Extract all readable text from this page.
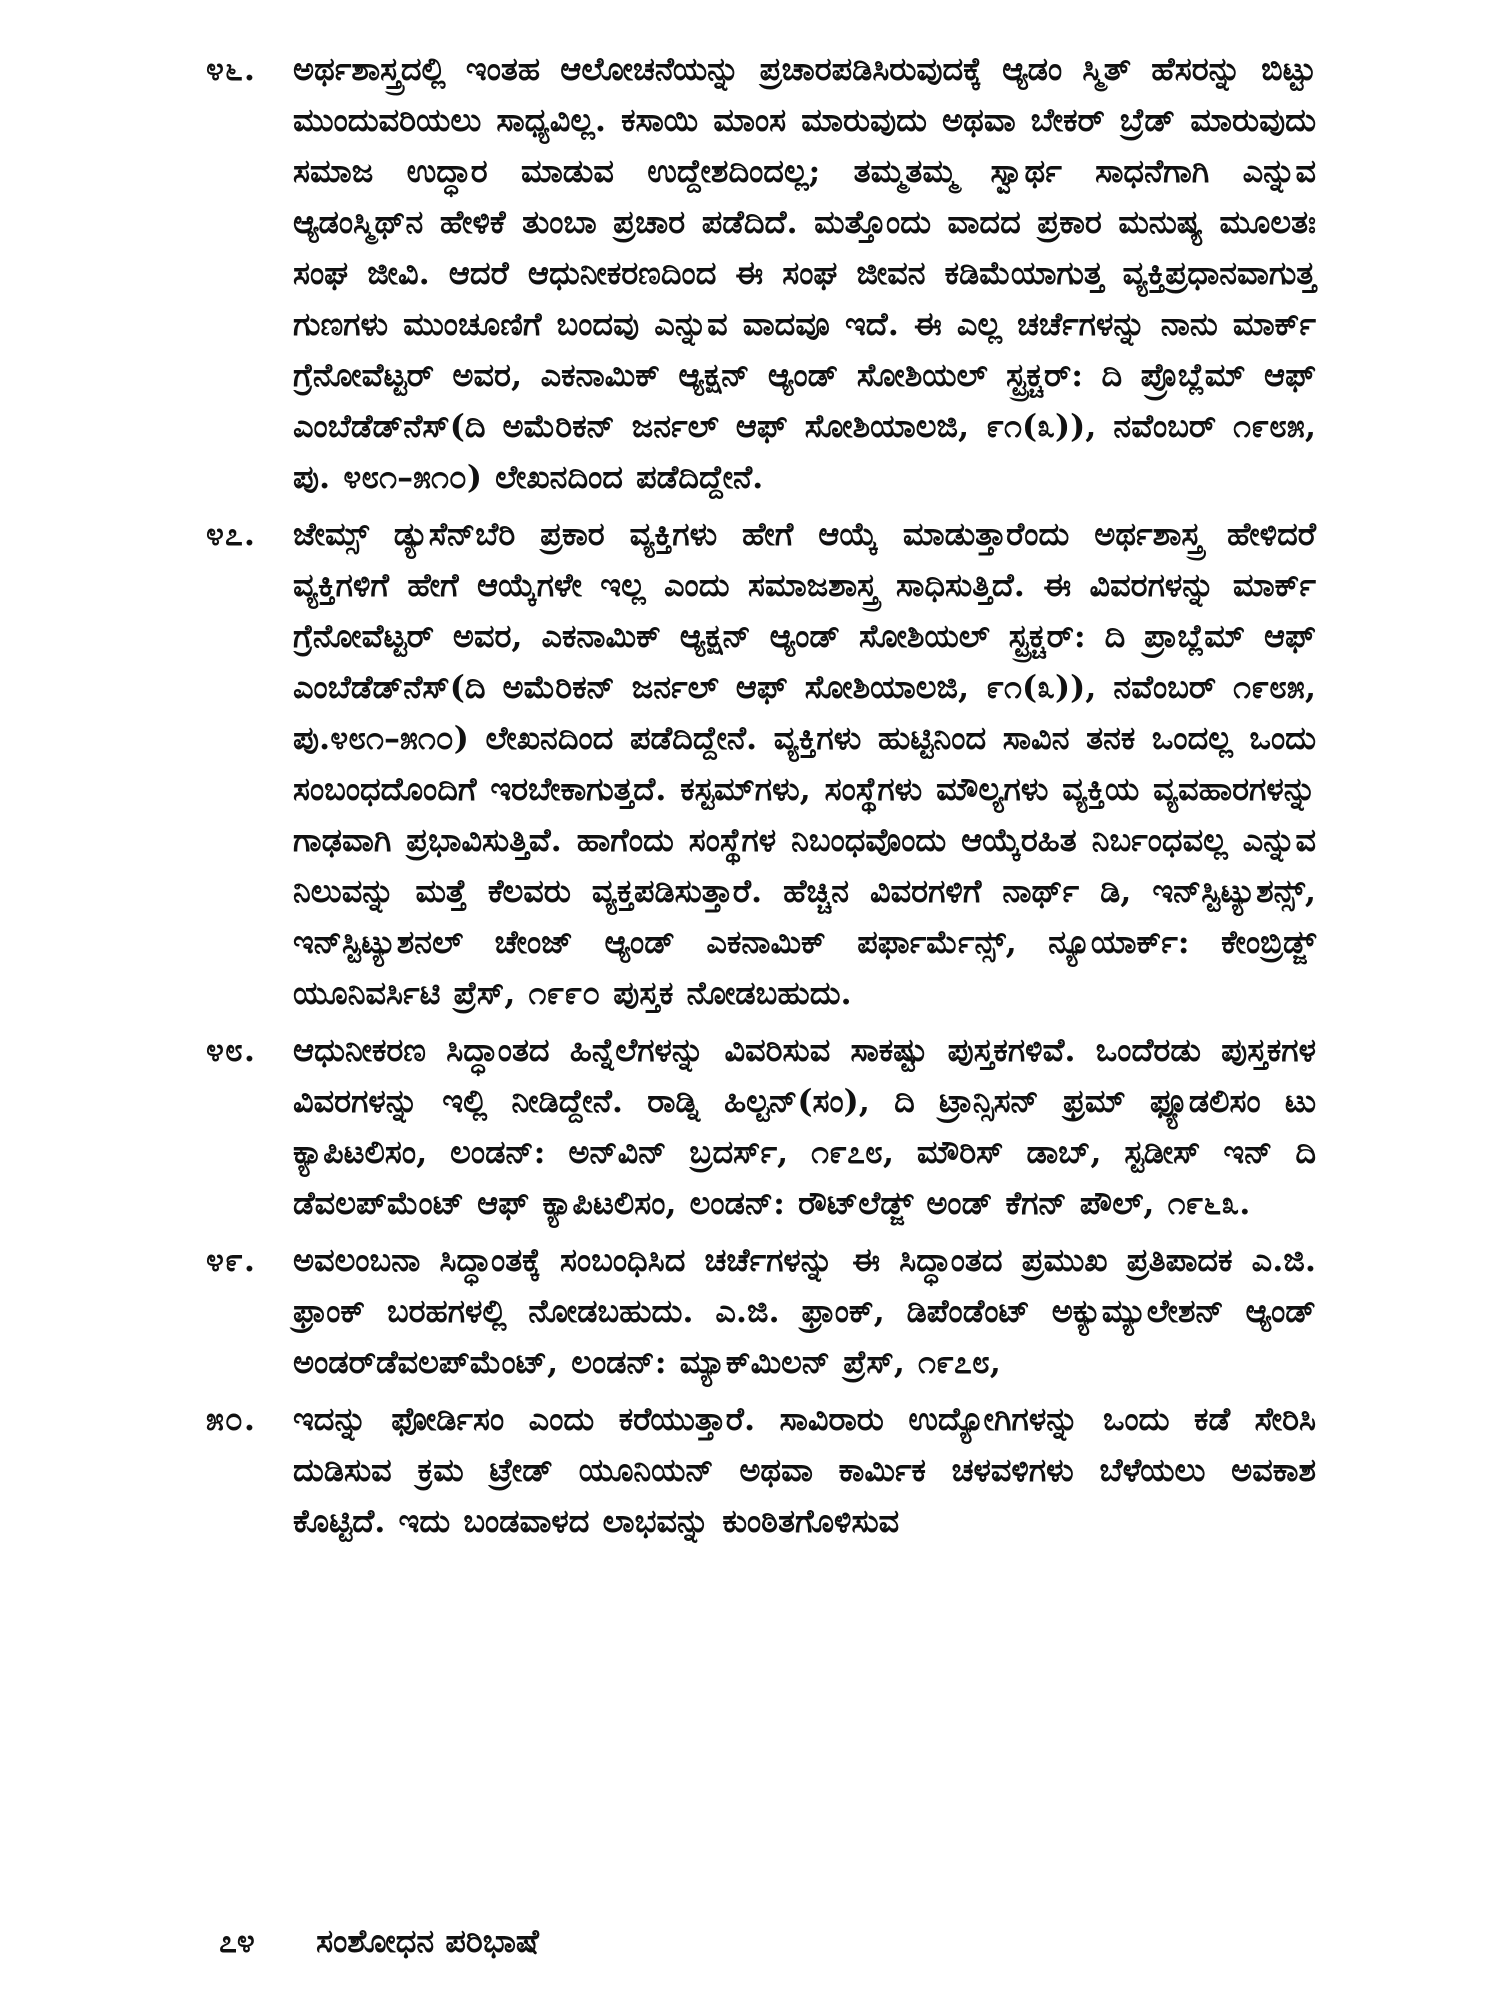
೪೬.	ಅರ್ಥಶಾಸ್ತ್ರದಲ್ಲಿ ಇಂತಹ ಆಲೋಚನೆಯನ್ನು ಪ್ರಚಾರಪಡಿಸಿರುವುದಕ್ಕೆ ಆ್ಯಡಂ ಸ್ಮಿತ್ ಹೆಸರನ್ನು ಬಿಟ್ಟು ಮುಂದುವರಿಯಲು ಸಾಧ್ಯವಿಲ್ಲ. ಕಸಾಯಿ ಮಾಂಸ ಮಾರುವುದು ಅಥವಾ ಬೇಕರ್ ಬ್ರೆಡ್ ಮಾರುವುದು ಸಮಾಜ ಉದ್ಧಾರ ಮಾಡುವ ಉದ್ದೇಶದಿಂದಲ್ಲ; ತಮ್ಮತಮ್ಮ ಸ್ವಾರ್ಥ ಸಾಧನೆಗಾಗಿ ಎನ್ನುವ ಆ್ಯಡಂಸ್ಮಿಥ್‌ನ ಹೇಳಿಕೆ ತುಂಬಾ ಪ್ರಚಾರ ಪಡೆದಿದೆ. ಮತ್ತೊಂದು ವಾದದ ಪ್ರಕಾರ ಮನುಷ್ಯ ಮೂಲತಃ ಸಂಘ ಜೀವಿ. ಆದರೆ ಆಧುನೀಕರಣದಿಂದ ಈ ಸಂಘ ಜೀವನ ಕಡಿಮೆಯಾಗುತ್ತ ವ್ಯಕ್ತಿಪ್ರಧಾನವಾಗುತ್ತ ಗುಣಗಳು ಮುಂಚೂಣಿಗೆ ಬಂದವು ಎನ್ನುವ ವಾದವೂ ಇದೆ. ಈ ಎಲ್ಲ ಚರ್ಚೆಗಳನ್ನು ನಾನು ಮಾರ್ಕ್ ಗ್ರೆನೋವೆಟ್ಟರ್ ಅವರ, ಎಕನಾಮಿಕ್ ಆ್ಯಕ್ಷನ್ ಆ್ಯಂಡ್ ಸೋಶಿಯಲ್ ಸ್ಟ್ರಕ್ಚರ್: ದಿ ಪ್ರೊಬ್ಲೆಮ್ ಆಫ್ ಎಂಬೆಡೆಡ್‌ನೆಸ್(ದಿ ಅಮೆರಿಕನ್ ಜರ್ನಲ್ ಆಫ್ ಸೋಶಿಯಾಲಜಿ, ೯೧(೩)), ನವೆಂಬರ್ ೧೯೮೫, ಪು. ೪೮೧–೫೧೦) ಲೇಖನದಿಂದ ಪಡೆದಿದ್ದೇನೆ.

೪೭.	ಜೇಮ್ಸ್ ಡ್ಯುಸೆನ್‌ಬೆರಿ ಪ್ರಕಾರ ವ್ಯಕ್ತಿಗಳು ಹೇಗೆ ಆಯ್ಕೆ ಮಾಡುತ್ತಾರೆಂದು ಅರ್ಥಶಾಸ್ತ್ರ ಹೇಳಿದರೆ ವ್ಯಕ್ತಿಗಳಿಗೆ ಹೇಗೆ ಆಯ್ಕೆಗಳೇ ಇಲ್ಲ ಎಂದು ಸಮಾಜಶಾಸ್ತ್ರ ಸಾಧಿಸುತ್ತಿದೆ. ಈ ವಿವರಗಳನ್ನು ಮಾರ್ಕ್ ಗ್ರೆನೋವೆಟ್ಟರ್ ಅವರ, ಎಕನಾಮಿಕ್ ಆ್ಯಕ್ಷನ್ ಆ್ಯಂಡ್ ಸೋಶಿಯಲ್ ಸ್ಟ್ರಕ್ಚರ್: ದಿ ಪ್ರಾಬ್ಲೆಮ್ ಆಫ್ ಎಂಬೆಡೆಡ್‌ನೆಸ್(ದಿ ಅಮೆರಿಕನ್ ಜರ್ನಲ್ ಆಫ್ ಸೋಶಿಯಾಲಜಿ, ೯೧(೩)), ನವೆಂಬರ್ ೧೯೮೫, ಪು.೪೮೧–೫೧೦) ಲೇಖನದಿಂದ ಪಡೆದಿದ್ದೇನೆ. ವ್ಯಕ್ತಿಗಳು ಹುಟ್ಟಿನಿಂದ ಸಾವಿನ ತನಕ ಒಂದಲ್ಲ ಒಂದು ಸಂಬಂಧದೊಂದಿಗೆ ಇರಬೇಕಾಗುತ್ತದೆ. ಕಸ್ಟಮ್‌ಗಳು, ಸಂಸ್ಥೆಗಳು ಮೌಲ್ಯಗಳು ವ್ಯಕ್ತಿಯ ವ್ಯವಹಾರಗಳನ್ನು ಗಾಢವಾಗಿ ಪ್ರಭಾವಿಸುತ್ತಿವೆ. ಹಾಗೆಂದು ಸಂಸ್ಥೆಗಳ ನಿಬಂಧವೊಂದು ಆಯ್ಕೆರಹಿತ ನಿರ್ಬಂಧವಲ್ಲ ಎನ್ನುವ ನಿಲುವನ್ನು ಮತ್ತೆ ಕೆಲವರು ವ್ಯಕ್ತಪಡಿಸುತ್ತಾರೆ. ಹೆಚ್ಚಿನ ವಿವರಗಳಿಗೆ ನಾರ್ಥ್ ಡಿ, ಇನ್‌ಸ್ಟಿಟ್ಯುಶನ್ಸ್, ಇನ್‌ಸ್ಟಿಟ್ಯುಶನಲ್ ಚೇಂಜ್ ಆ್ಯಂಡ್ ಎಕನಾಮಿಕ್ ಪರ್ಫಾರ್ಮೆನ್ಸ್, ನ್ಯೂಯಾರ್ಕ್: ಕೇಂಬ್ರಿಡ್ಜ್ ಯೂನಿವರ್ಸಿಟಿ ಪ್ರೆಸ್, ೧೯೯೦ ಪುಸ್ತಕ ನೋಡಬಹುದು.

೪೮.	ಆಧುನೀಕರಣ ಸಿದ್ಧಾಂತದ ಹಿನ್ನೆಲೆಗಳನ್ನು ವಿವರಿಸುವ ಸಾಕಷ್ಟು ಪುಸ್ತಕಗಳಿವೆ. ಒಂದೆರಡು ಪುಸ್ತಕಗಳ ವಿವರಗಳನ್ನು ಇಲ್ಲಿ ನೀಡಿದ್ದೇನೆ. ರಾಡ್ನಿ ಹಿಲ್ಟನ್(ಸಂ), ದಿ ಟ್ರಾನ್ಸಿಸನ್ ಫ್ರಮ್ ಫ್ಯೂಡಲಿಸಂ ಟು ಕ್ಯಾಪಿಟಲಿಸಂ, ಲಂಡನ್: ಅನ್‌ವಿನ್ ಬ್ರದರ್ಸ್, ೧೯೭೮, ಮೌರಿಸ್ ಡಾಬ್, ಸ್ಟಡೀಸ್ ಇನ್ ದಿ ಡೆವಲಪ್‌ಮೆಂಟ್ ಆಫ್ ಕ್ಯಾಪಿಟಲಿಸಂ, ಲಂಡನ್: ರೌಟ್‌ಲೆಡ್ಜ್ ಅಂಡ್ ಕೆಗನ್ ಪೌಲ್, ೧೯೬೩.

೪೯.	ಅವಲಂಬನಾ ಸಿದ್ಧಾಂತಕ್ಕೆ ಸಂಬಂಧಿಸಿದ ಚರ್ಚೆಗಳನ್ನು ಈ ಸಿದ್ಧಾಂತದ ಪ್ರಮುಖ ಪ್ರತಿಪಾದಕ ಎ.ಜಿ. ಫ್ರಾಂಕ್ ಬರಹಗಳಲ್ಲಿ ನೋಡಬಹುದು. ಎ.ಜಿ. ಫ್ರಾಂಕ್, ಡಿಪೆಂಡೆಂಟ್ ಅಕ್ಯುಮ್ಯುಲೇಶನ್ ಆ್ಯಂಡ್ ಅಂಡರ್‌ಡೆವಲಪ್‌ಮೆಂಟ್, ಲಂಡನ್: ಮ್ಯಾಕ್‌ಮಿಲನ್ ಪ್ರೆಸ್, ೧೯೭೮,

೫೦.	ಇದನ್ನು ಫೋರ್ಡಿಸಂ ಎಂದು ಕರೆಯುತ್ತಾರೆ. ಸಾವಿರಾರು ಉದ್ಯೋಗಿಗಳನ್ನು ಒಂದು ಕಡೆ ಸೇರಿಸಿ ದುಡಿಸುವ ಕ್ರಮ ಟ್ರೇಡ್ ಯೂನಿಯನ್ ಅಥವಾ ಕಾರ್ಮಿಕ ಚಳವಳಿಗಳು ಬೆಳೆಯಲು ಅವಕಾಶ ಕೊಟ್ಟಿದೆ. ಇದು ಬಂಡವಾಳದ ಲಾಭವನ್ನು ಕುಂಠಿತಗೊಳಿಸುವ

೭೪ ಸಂಶೋಧನ ಪರಿಭಾಷೆ
